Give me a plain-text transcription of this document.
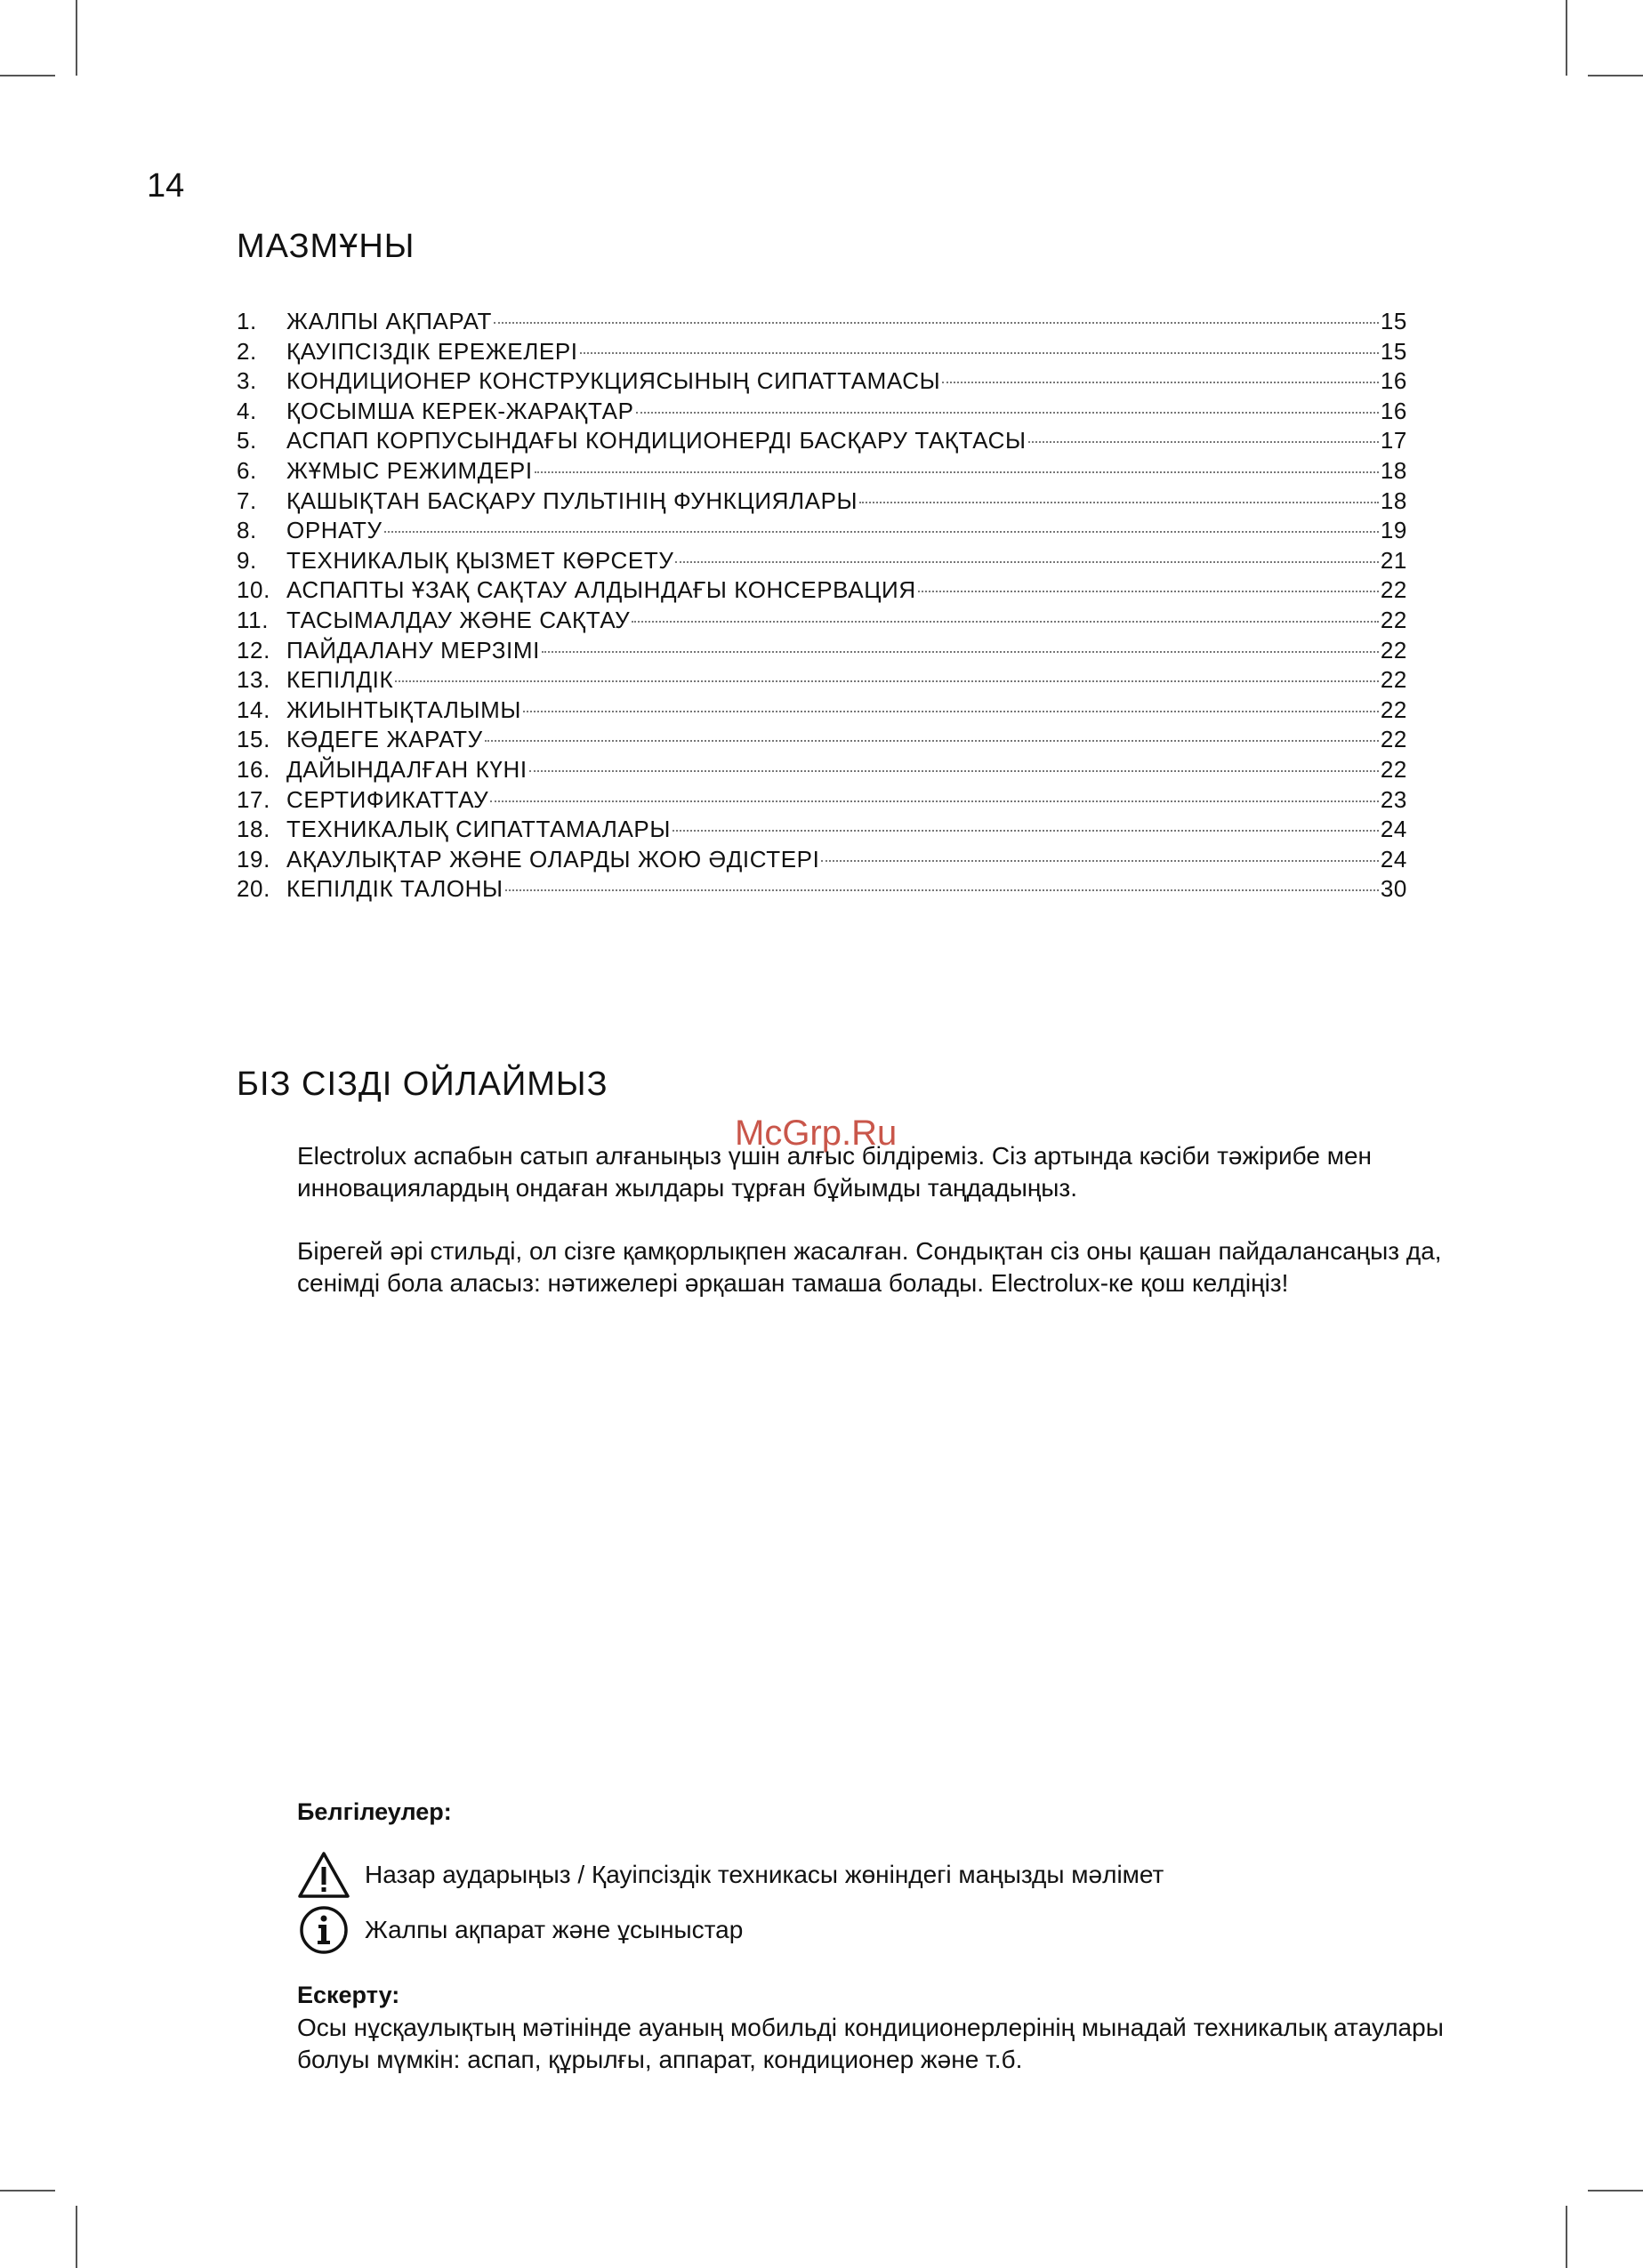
14
МАЗМҰНЫ
1.	ЖАЛПЫ АҚПАРАТ	15
2.	ҚАУІПСІЗДІК ЕРЕЖЕЛЕРІ	15
3.	КОНДИЦИОНЕР КОНСТРУКЦИЯСЫНЫҢ СИПАТТАМАСЫ	16
4.	ҚОСЫМША КЕРЕК-ЖАРАҚТАР	16
5.	АСПАП КОРПУСЫНДАҒЫ КОНДИЦИОНЕРДІ БАСҚАРУ ТАҚТАСЫ	17
6.	ЖҰМЫС РЕЖИМДЕРІ	18
7.	ҚАШЫҚТАН БАСҚАРУ ПУЛЬТІНІҢ ФУНКЦИЯЛАРЫ	18
8.	ОРНАТУ	19
9.	ТЕХНИКАЛЫҚ ҚЫЗМЕТ КӨРСЕТУ	21
10. АСПАПТЫ ҰЗАҚ САҚТАУ АЛДЫНДАҒЫ КОНСЕРВАЦИЯ	22
11. ТАСЫМАЛДАУ ЖӘНЕ САҚТАУ	22
12. ПАЙДАЛАНУ МЕРЗІМІ	22
13. КЕПІЛДІК	22
14. ЖИЫНТЫҚТАЛЫМЫ	22
15. КӘДЕГЕ ЖАРАТУ	22
16. ДАЙЫНДАЛҒАН КҮНІ	22
17. СЕРТИФИКАТТАУ	23
18. ТЕХНИКАЛЫҚ СИПАТТАМАЛАРЫ	24
19. АҚАУЛЫҚТАР ЖӘНЕ ОЛАРДЫ ЖОЮ ӘДІСТЕРІ	24
20. КЕПІЛДІК ТАЛОНЫ	30
БІЗ СІЗДІ ОЙЛАЙМЫЗ
McGrp.Ru

Electrolux аспабын сатып алғаныңыз үшін алғыс білдіреміз. Сіз артында кәсіби тәжірибе мен инновациялардың ондаған жылдары тұрған бұйымды таңдадыңыз.

Бірегей әрі стильді, ол сізге қамқорлықпен жасалған. Сондықтан сіз оны қашан пайдалансаңыз да, сенімді бола аласыз: нәтижелері әрқашан тамаша болады. Electrolux-ке қош келдіңіз!

Белгілеулер:

Назар аударыңыз / Қауіпсіздік техникасы жөніндегі маңызды мәлімет
Жалпы ақпарат және ұсыныстар

Ескерту:

Осы нұсқаулықтың мәтінінде ауаның мобильді кондиционерлерінің мынадай техникалық атаулары болуы мүмкін: аспап, құрылғы, аппарат, кондиционер және т.б.
